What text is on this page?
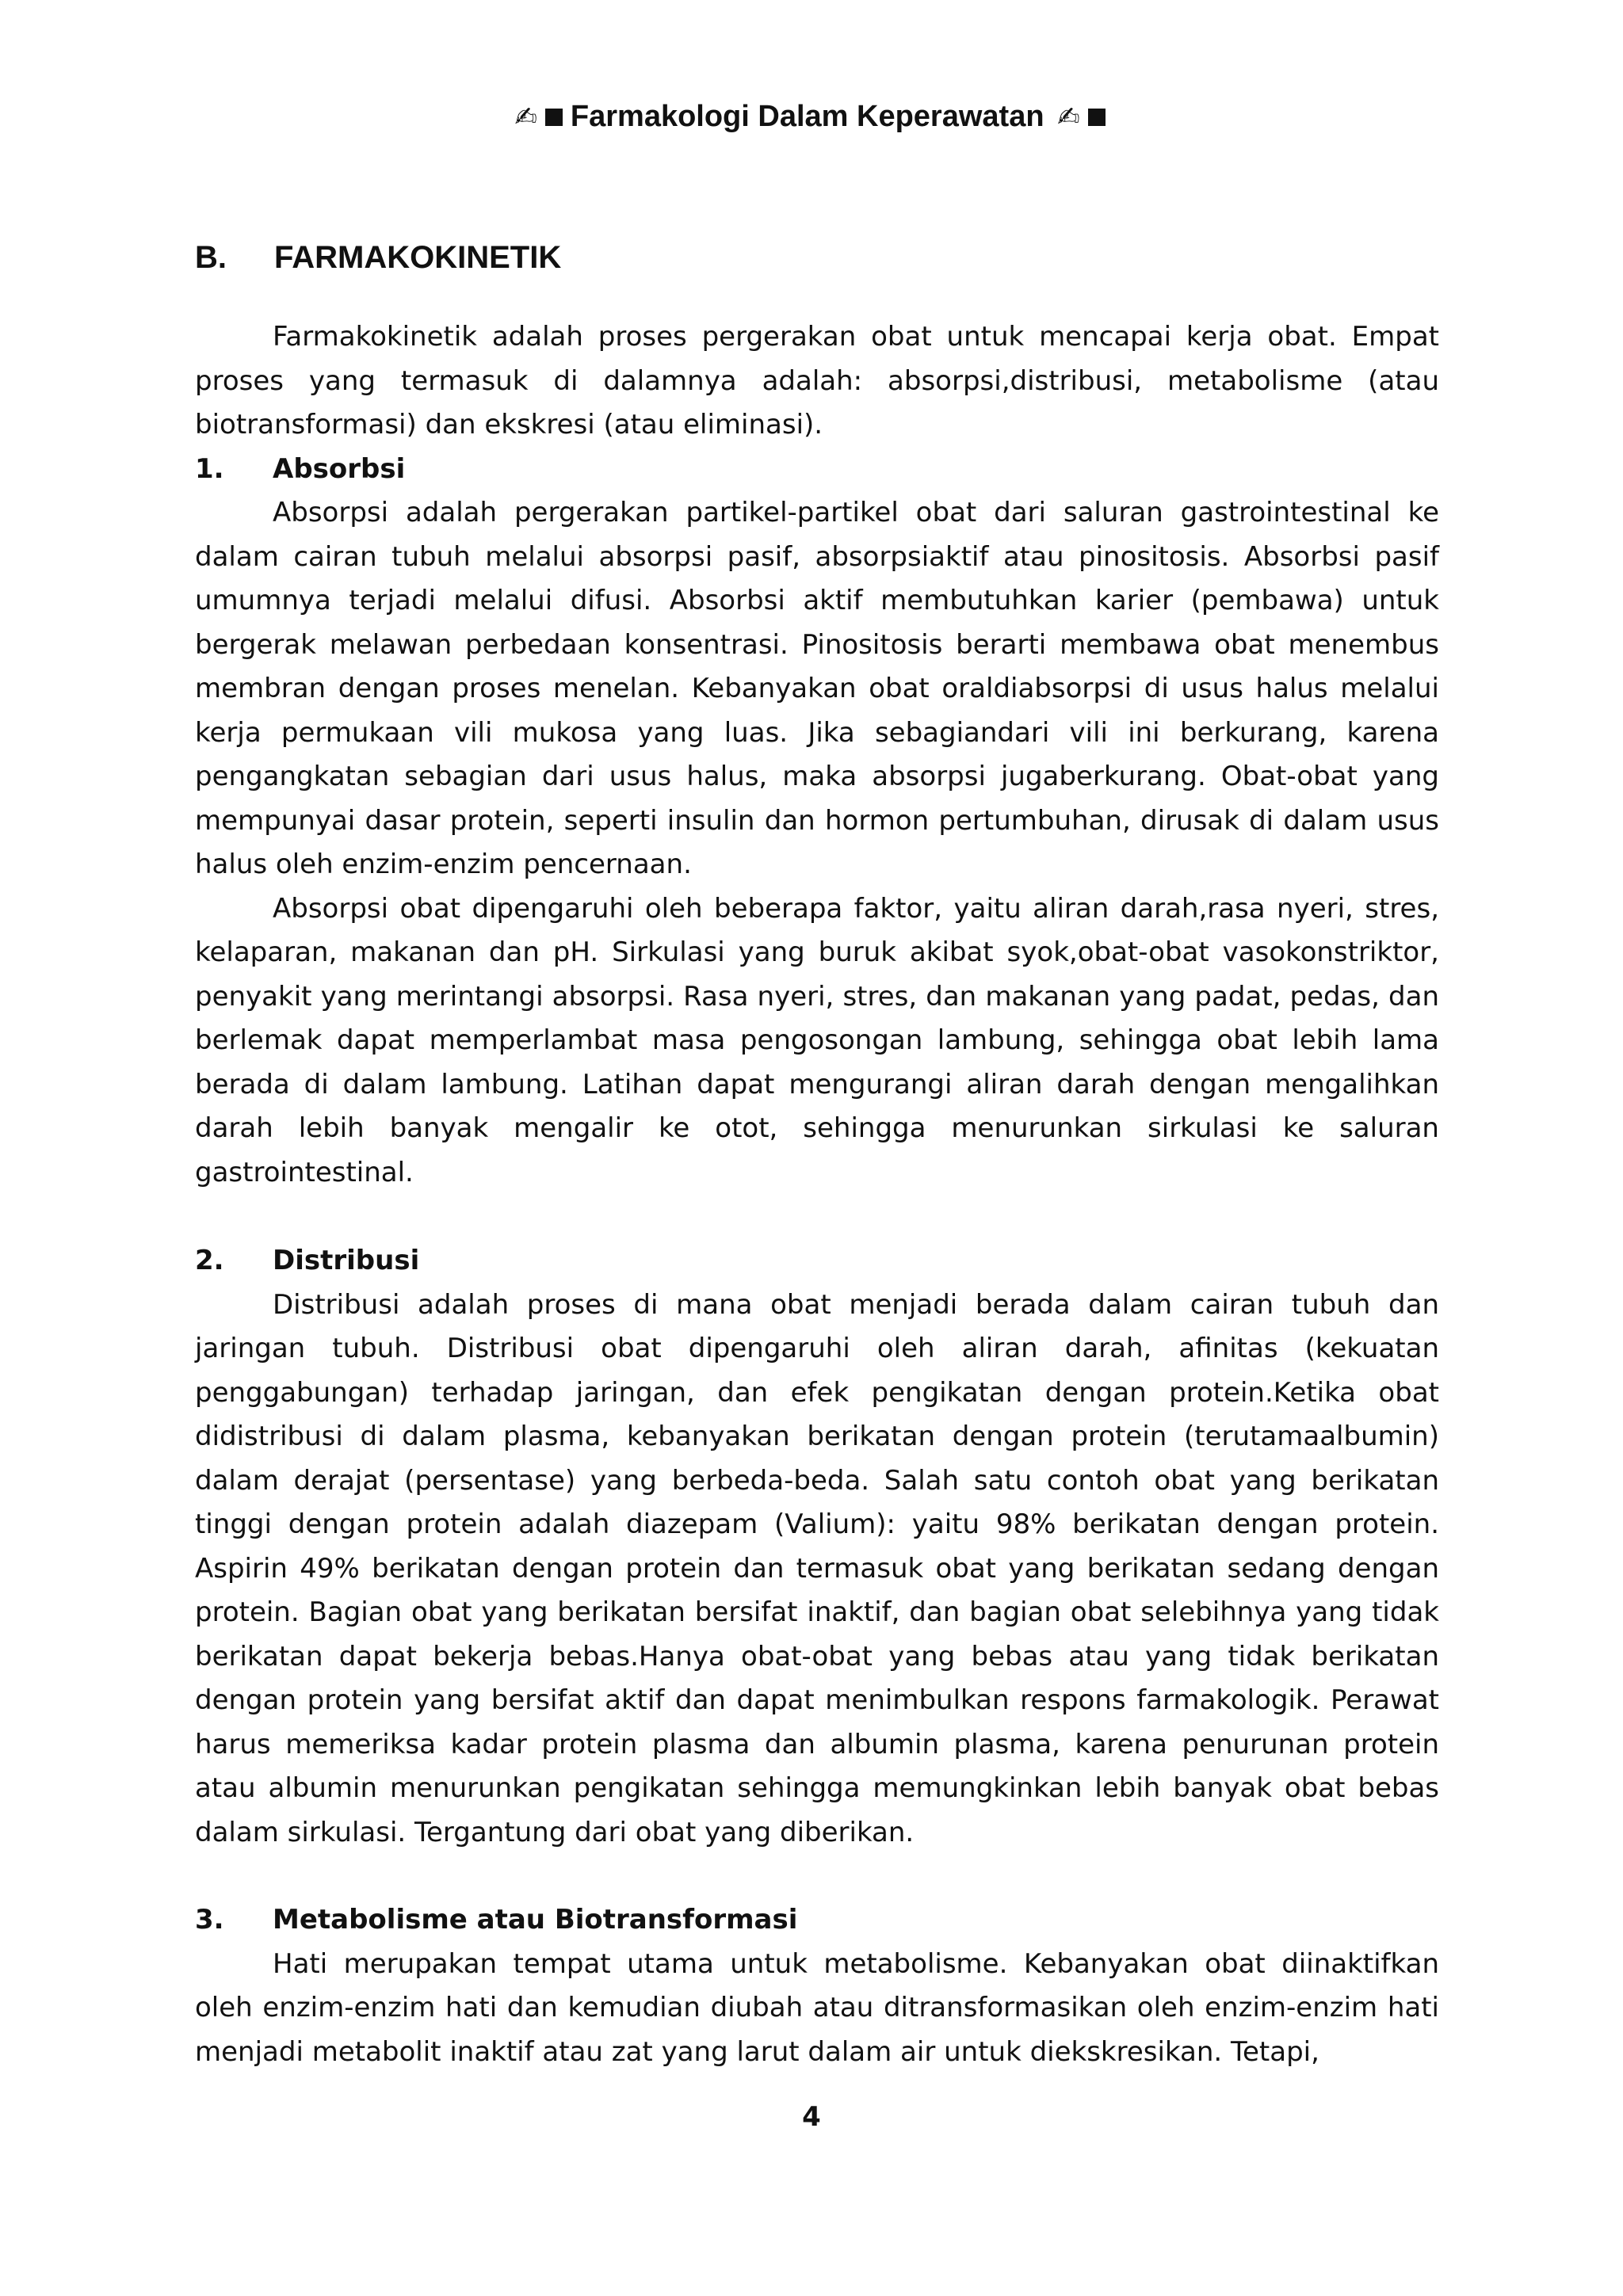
✍ Farmakologi Dalam Keperawatan ✍
B. FARMAKOKINETIK

Farmakokinetik adalah proses pergerakan obat untuk mencapai kerja obat. Empat proses yang termasuk di dalamnya adalah: absorpsi,distribusi, metabolisme (atau biotransformasi) dan ekskresi (atau eliminasi).

1. Absorbsi

Absorpsi adalah pergerakan partikel-partikel obat dari saluran gastrointestinal ke dalam cairan tubuh melalui absorpsi pasif, absorpsiaktif atau pinositosis. Absorbsi pasif umumnya terjadi melalui difusi. Absorbsi aktif membutuhkan karier (pembawa) untuk bergerak melawan perbedaan konsentrasi. Pinositosis berarti membawa obat menembus membran dengan proses menelan. Kebanyakan obat oraldiabsorpsi di usus halus melalui kerja permukaan vili mukosa yang luas. Jika sebagiandari vili ini berkurang, karena pengangkatan sebagian dari usus halus, maka absorpsi jugaberkurang. Obat-obat yang mempunyai dasar protein, seperti insulin dan hormon pertumbuhan, dirusak di dalam usus halus oleh enzim-enzim pencernaan.

Absorpsi obat dipengaruhi oleh beberapa faktor, yaitu aliran darah,rasa nyeri, stres, kelaparan, makanan dan pH. Sirkulasi yang buruk akibat syok,obat-obat vasokonstriktor, penyakit yang merintangi absorpsi. Rasa nyeri, stres, dan makanan yang padat, pedas, dan berlemak dapat memperlambat masa pengosongan lambung, sehingga obat lebih lama berada di dalam lambung. Latihan dapat mengurangi aliran darah dengan mengalihkan darah lebih banyak mengalir ke otot, sehingga menurunkan sirkulasi ke saluran gastrointestinal.

2. Distribusi

Distribusi adalah proses di mana obat menjadi berada dalam cairan tubuh dan jaringan tubuh. Distribusi obat dipengaruhi oleh aliran darah, afinitas (kekuatan penggabungan) terhadap jaringan, dan efek pengikatan dengan protein.Ketika obat didistribusi di dalam plasma, kebanyakan berikatan dengan protein (terutamaalbumin) dalam derajat (persentase) yang berbeda-beda. Salah satu contoh obat yang berikatan tinggi dengan protein adalah diazepam (Valium): yaitu 98% berikatan dengan protein. Aspirin 49% berikatan dengan protein dan termasuk obat yang berikatan sedang dengan protein. Bagian obat yang berikatan bersifat inaktif, dan bagian obat selebihnya yang tidak berikatan dapat bekerja bebas.Hanya obat-obat yang bebas atau yang tidak berikatan dengan protein yang bersifat aktif dan dapat menimbulkan respons farmakologik. Perawat harus memeriksa kadar protein plasma dan albumin plasma, karena penurunan protein atau albumin menurunkan pengikatan sehingga memungkinkan lebih banyak obat bebas dalam sirkulasi. Tergantung dari obat yang diberikan.

3. Metabolisme atau Biotransformasi

Hati merupakan tempat utama untuk metabolisme. Kebanyakan obat diinaktifkan oleh enzim-enzim hati dan kemudian diubah atau ditransformasikan oleh enzim-enzim hati menjadi metabolit inaktif atau zat yang larut dalam air untuk diekskresikan. Tetapi,

4
